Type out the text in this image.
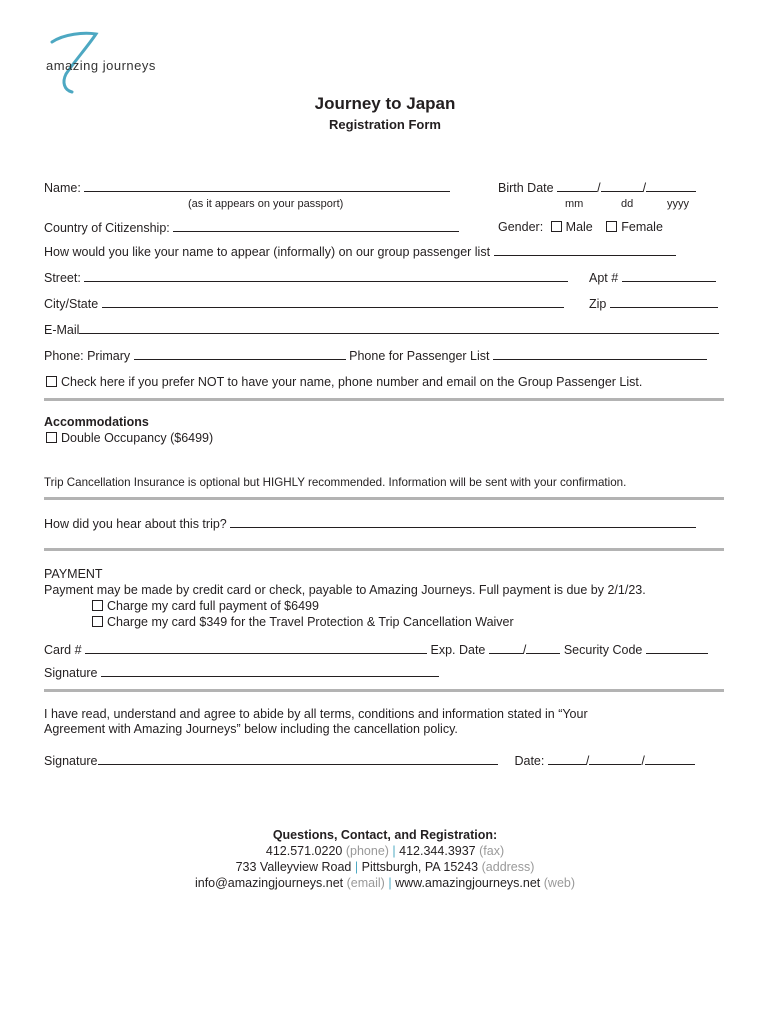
amazing journeys
Journey to Japan
Registration Form
Name:	Birth Date	/	/
(as it appears on your passport)	mm	dd	yyyy
Country of Citizenship:	Gender: Male Female
How would you like your name to appear (informally) on our group passenger list
Street:	Apt #
City/State	Zip
E-Mail
Phone: Primary	Phone for Passenger List
Check here if you prefer NOT to have your name, phone number and email on the Group Passenger List.
Accommodations
Double Occupancy ($6499)
Trip Cancellation Insurance is optional but HIGHLY recommended. Information will be sent with your confirmation.
How did you hear about this trip?
PAYMENT
Payment may be made by credit card or check, payable to Amazing Journeys. Full payment is due by 2/1/23.
Charge my card full payment of $6499
Charge my card $349 for the Travel Protection & Trip Cancellation Waiver
Card #	Exp. Date	/	Security Code
Signature
I have read, understand and agree to abide by all terms, conditions and information stated in “Your
Agreement with Amazing Journeys” below including the cancellation policy.
Signature	Date:	/	/
Questions, Contact, and Registration:
412.571.0220 (phone) | 412.344.3937 (fax)
733 Valleyview Road | Pittsburgh, PA 15243 (address)
info@amazingjourneys.net (email) | www.amazingjourneys.net (web)
